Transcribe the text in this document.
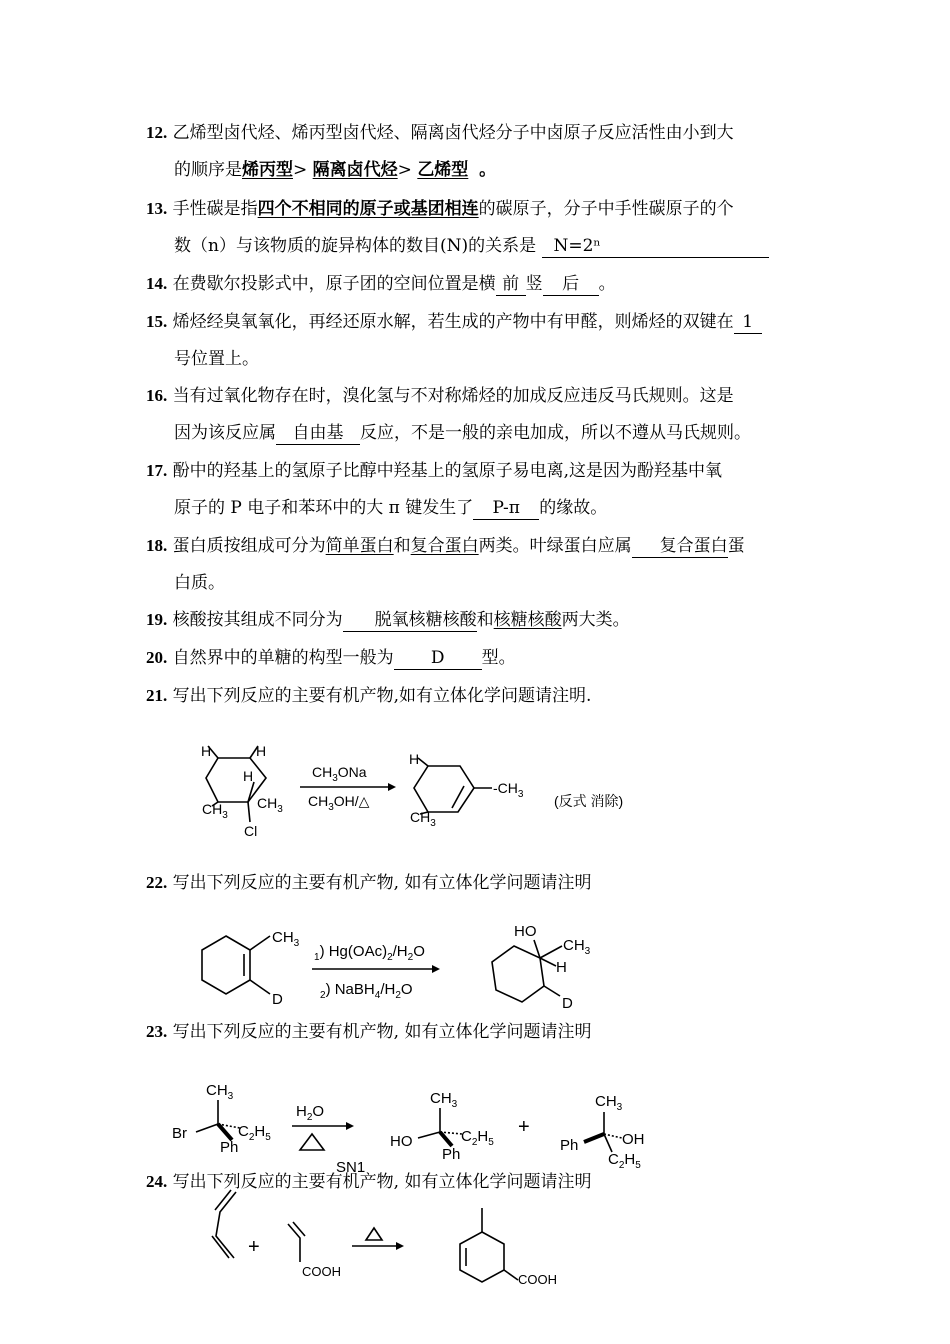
12. 乙烯型卤代烃、烯丙型卤代烃、隔离卤代烃分子中卤原子反应活性由小到大
的顺序是烯丙型> 隔离卤代烃> 乙烯型 。
13. 手性碳是指四个不相同的原子或基团相连的碳原子，分子中手性碳原子的个
数（n）与该物质的旋异构体的数目(N)的关系是 N=2ⁿ
14. 在费歇尔投影式中，原子团的空间位置是横 前 竖 后 。
15. 烯烃经臭氧氧化，再经还原水解，若生成的产物中有甲醛，则烯烃的双键在 1
号位置上。
16. 当有过氧化物存在时，溴化氢与不对称烯烃的加成反应违反马氏规则。这是
因为该反应属 自由基 反应，不是一般的亲电加成，所以不遵从马氏规则。
17. 酚中的羟基上的氢原子比醇中羟基上的氢原子易电离,这是因为酚羟基中氧
原子的 P 电子和苯环中的大 π 键发生了 P-π 的缘故。
18. 蛋白质按组成可分为简单蛋白和复合蛋白两类。叶绿蛋白应属 复合蛋白蛋
白质。
19. 核酸按其组成不同分为 脱氧核糖核酸和核糖核酸两大类。
20. 自然界中的单糖的构型一般为 D 型。
21. 写出下列反应的主要有机产物,如有立体化学问题请注明.
22. 写出下列反应的主要有机产物, 如有立体化学问题请注明
23. 写出下列反应的主要有机产物, 如有立体化学问题请注明
24. 写出下列反应的主要有机产物, 如有立体化学问题请注明
H	H
H
$CH_3$
$CH_3$
Cl
$CH_3ONa$
$CH_3OH/\triangle$
H
$-CH_3$
$CH_3$
(反式 消除)
$CH_3$
D
$_1$) $Hg(OAc)_2/H_2O$
$_2$) $NaBH_4/H_2O$
HO
$CH_3$
H
D
$CH_3$
Br	$C_2H_5$
Ph
$H_2O$
SN1
$CH_3$
HO	$C_2H_5$
Ph
+
$CH_3$
Ph	OH
$C_2H_5$
+
COOH
COOH
